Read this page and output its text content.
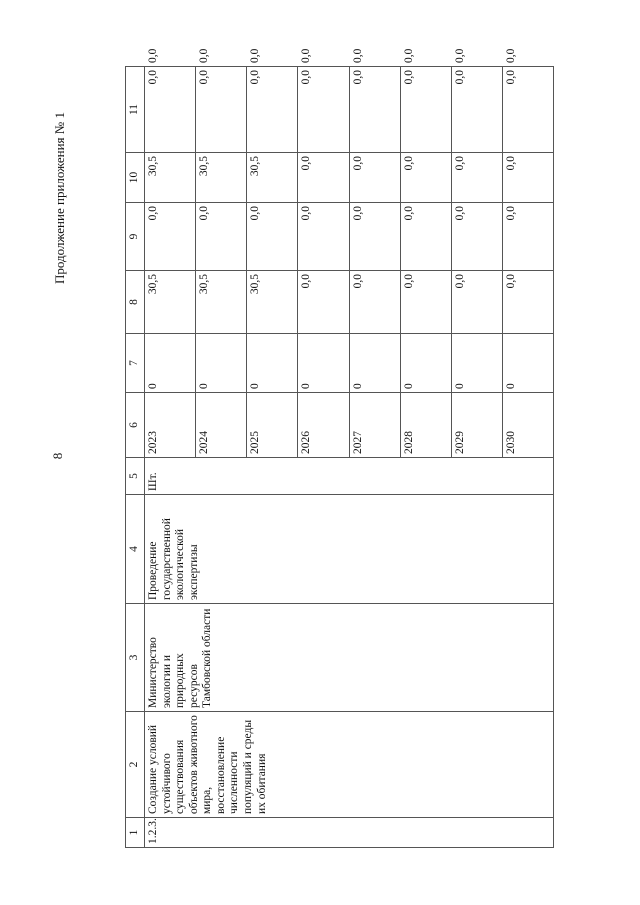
8
Продолжение приложения № 1
1	2	3	4	5	6	7	8	9	10	11	
1.2.3.	Создание условий устойчивого существования объектов животного мира, восстановление численности популяций и среды их обитания	Министерство экологии и природных ресурсов Тамбовской области	Проведение государственной экологической экспертизы	Шт.	2023	0	30,5	0,0	30,5	0,0	0,0
					2024	0	30,5	0,0	30,5	0,0	0,0
					2025	0	30,5	0,0	30,5	0,0	0,0
					2026	0	0,0	0,0	0,0	0,0	0,0
					2027	0	0,0	0,0	0,0	0,0	0,0
					2028	0	0,0	0,0	0,0	0,0	0,0
					2029	0	0,0	0,0	0,0	0,0	0,0
					2030	0	0,0	0,0	0,0	0,0	0,0
